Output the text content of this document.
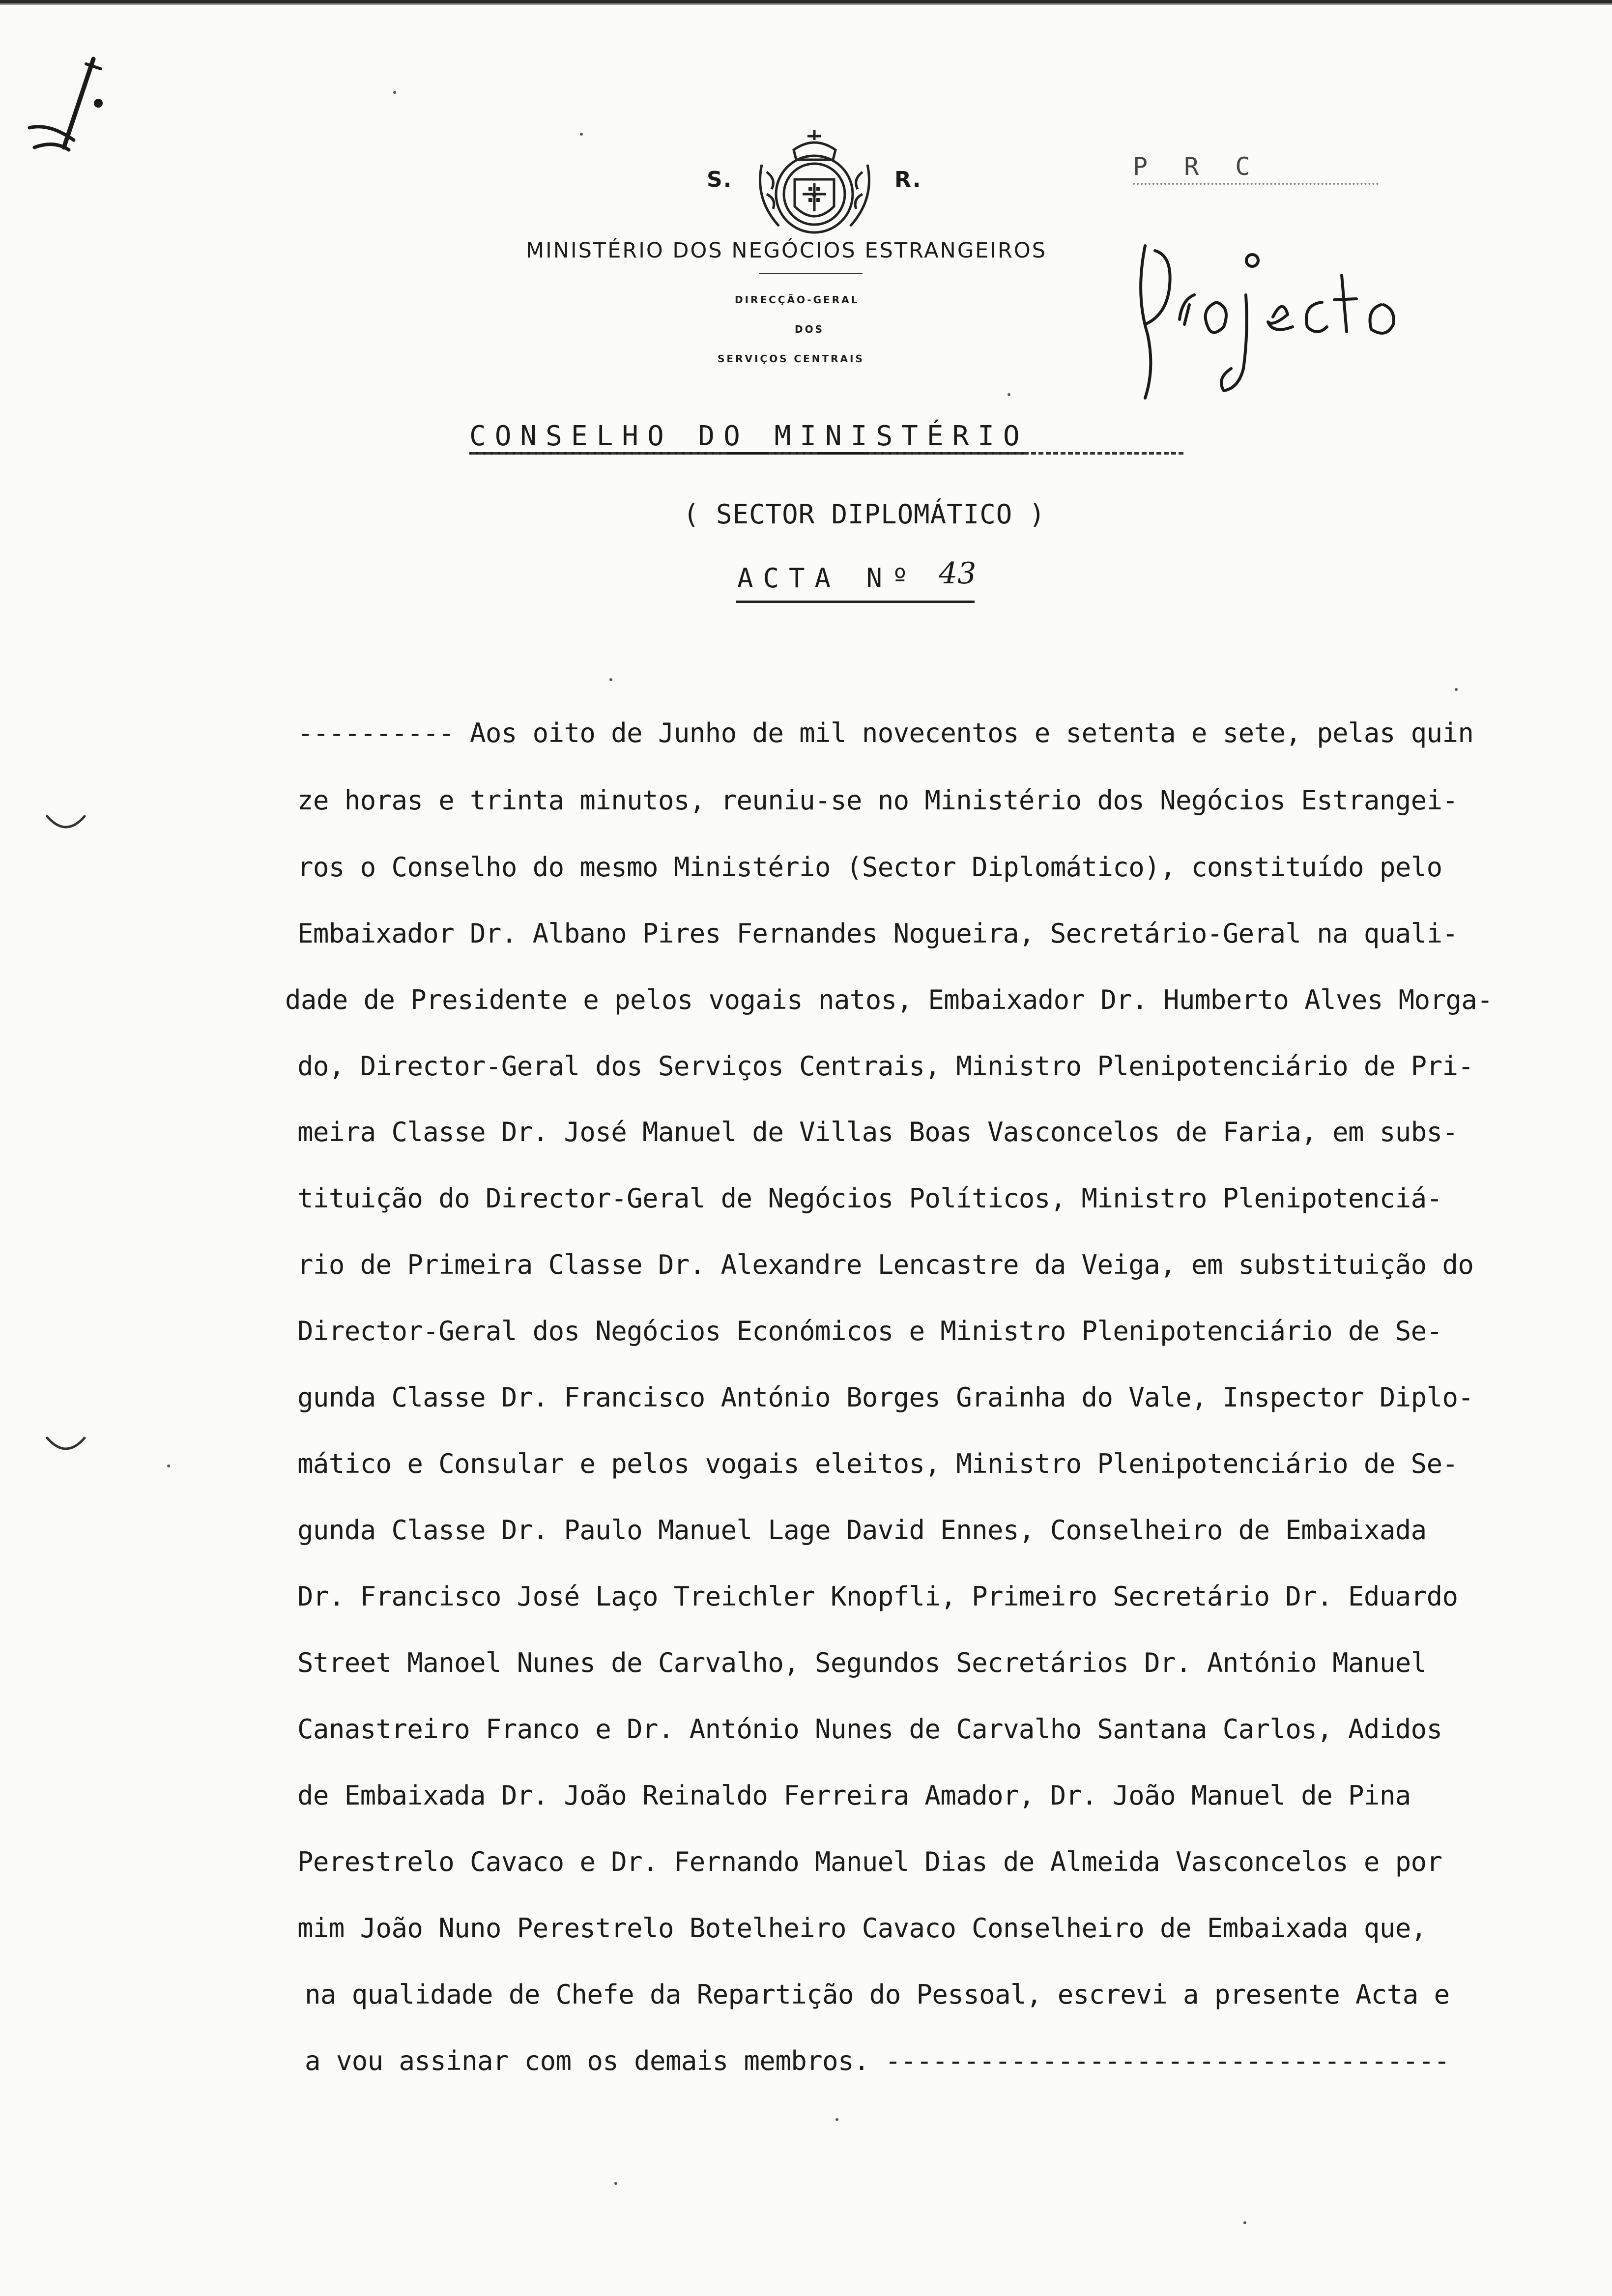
S.	R.
MINISTÉRIO DOS NEGÓCIOS ESTRANGEIROS
DIRECÇÃO-GERAL
DOS
SERVIÇOS CENTRAIS
P R C
CONSELHO DO MINISTÉRIO
( SECTOR DIPLOMÁTICO )
ACTA Nº 43
---------- Aos oito de Junho de mil novecentos e setenta e sete, pelas quin
ze horas e trinta minutos, reuniu-se no Ministério dos Negócios Estrangei-
ros o Conselho do mesmo Ministério (Sector Diplomático), constituído pelo
Embaixador Dr. Albano Pires Fernandes Nogueira, Secretário-Geral na quali-
dade de Presidente e pelos vogais natos, Embaixador Dr. Humberto Alves Morga-
do, Director-Geral dos Serviços Centrais, Ministro Plenipotenciário de Pri-
meira Classe Dr. José Manuel de Villas Boas Vasconcelos de Faria, em subs-
tituição do Director-Geral de Negócios Políticos, Ministro Plenipotenciá-
rio de Primeira Classe Dr. Alexandre Lencastre da Veiga, em substituição do
Director-Geral dos Negócios Económicos e Ministro Plenipotenciário de Se-
gunda Classe Dr. Francisco António Borges Grainha do Vale, Inspector Diplo-
mático e Consular e pelos vogais eleitos, Ministro Plenipotenciário de Se-
gunda Classe Dr. Paulo Manuel Lage David Ennes, Conselheiro de Embaixada
Dr. Francisco José Laço Treichler Knopfli, Primeiro Secretário Dr. Eduardo
Street Manoel Nunes de Carvalho, Segundos Secretários Dr. António Manuel
Canastreiro Franco e Dr. António Nunes de Carvalho Santana Carlos, Adidos
de Embaixada Dr. João Reinaldo Ferreira Amador, Dr. João Manuel de Pina
Perestrelo Cavaco e Dr. Fernando Manuel Dias de Almeida Vasconcelos e por
mim João Nuno Perestrelo Botelheiro Cavaco Conselheiro de Embaixada que,
na qualidade de Chefe da Repartição do Pessoal, escrevi a presente Acta e
a vou assinar com os demais membros. ------------------------------------
